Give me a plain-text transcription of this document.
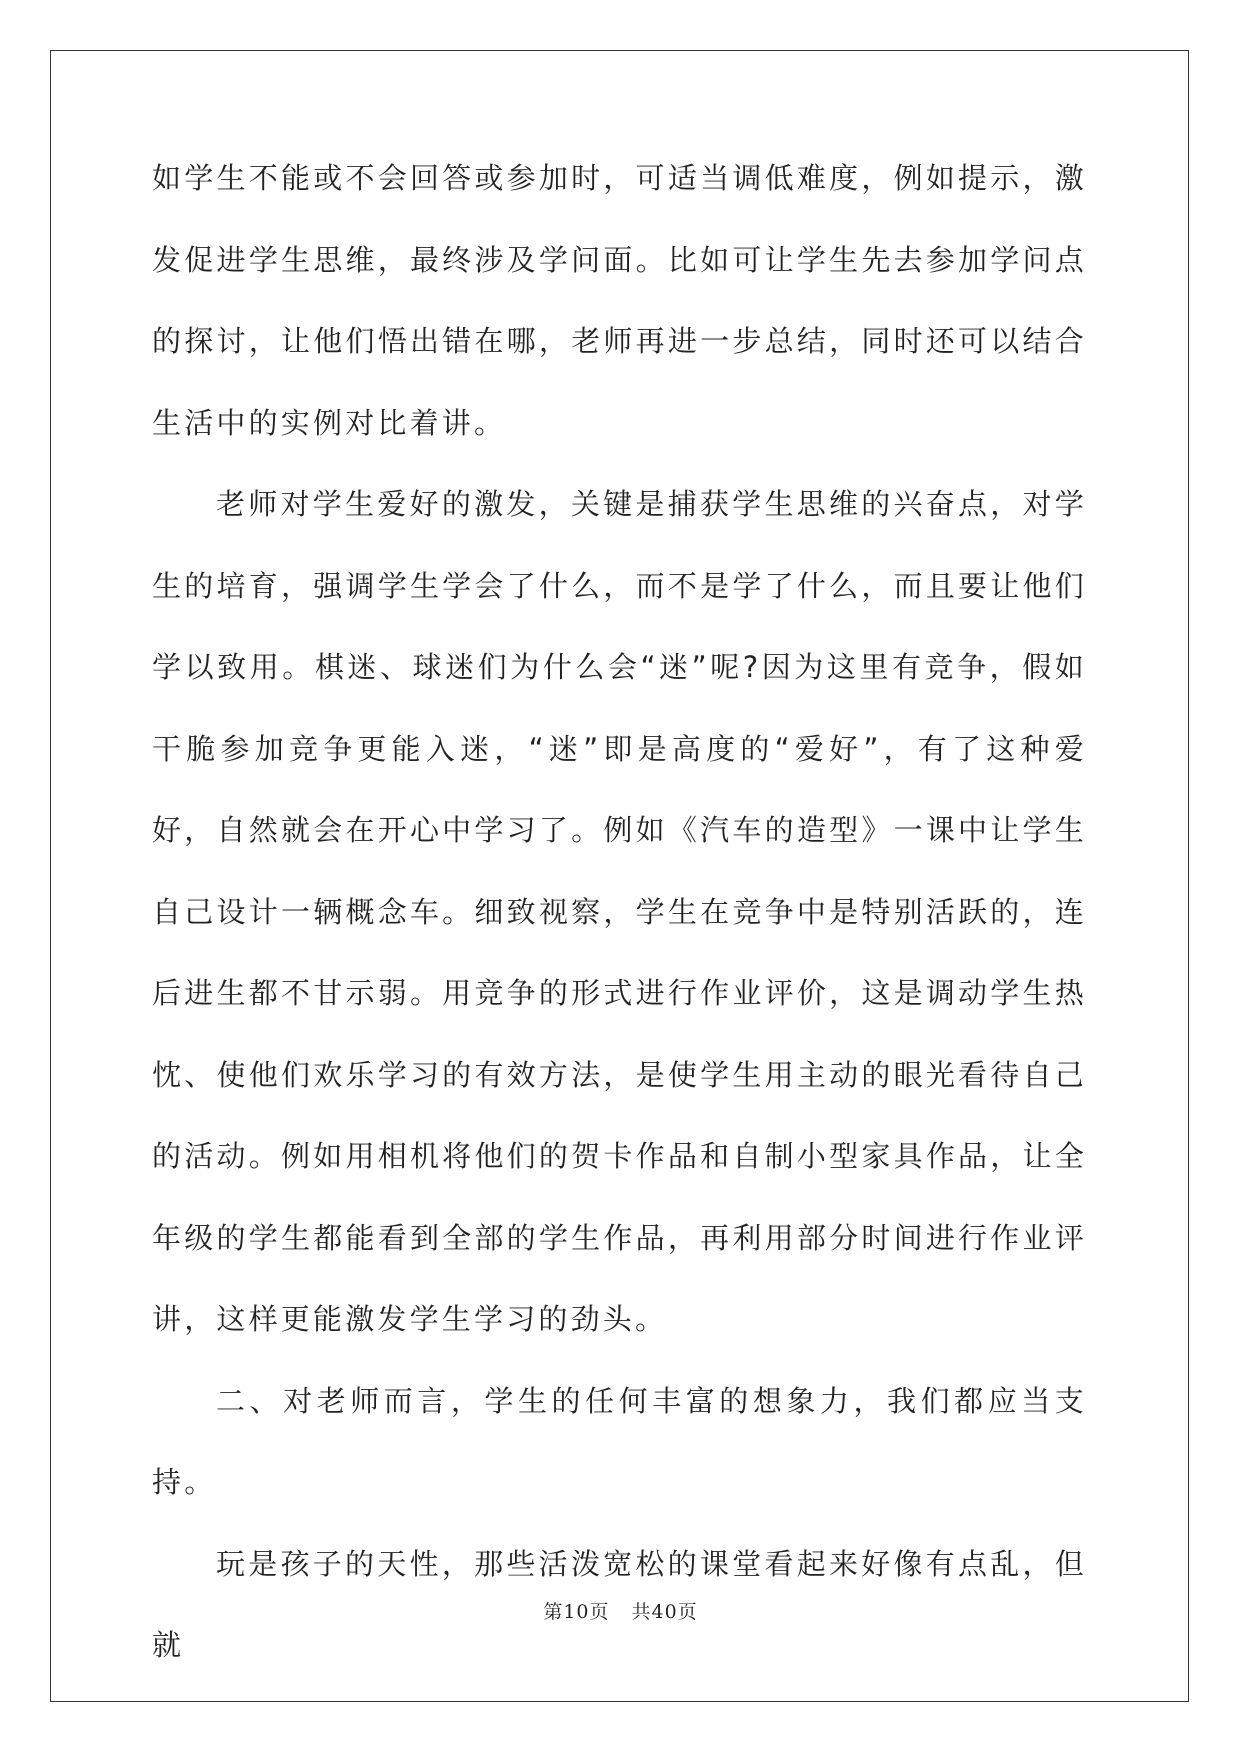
如学生不能或不会回答或参加时，可适当调低难度，例如提示，激发促进学生思维，最终涉及学问面。比如可让学生先去参加学问点的探讨，让他们悟出错在哪，老师再进一步总结，同时还可以结合生活中的实例对比着讲。

老师对学生爱好的激发，关键是捕获学生思维的兴奋点，对学生的培育，强调学生学会了什么，而不是学了什么，而且要让他们学以致用。棋迷、球迷们为什么会“迷”呢?因为这里有竞争，假如干脆参加竞争更能入迷，“迷”即是高度的“爱好”，有了这种爱好，自然就会在开心中学习了。例如《汽车的造型》一课中让学生自己设计一辆概念车。细致视察，学生在竞争中是特别活跃的，连后进生都不甘示弱。用竞争的形式进行作业评价，这是调动学生热忱、使他们欢乐学习的有效方法，是使学生用主动的眼光看待自己的活动。例如用相机将他们的贺卡作品和自制小型家具作品，让全年级的学生都能看到全部的学生作品，再利用部分时间进行作业评讲，这样更能激发学生学习的劲头。

二、对老师而言，学生的任何丰富的想象力，我们都应当支持。

玩是孩子的天性，那些活泼宽松的课堂看起来好像有点乱，但就

第10页 共40页
